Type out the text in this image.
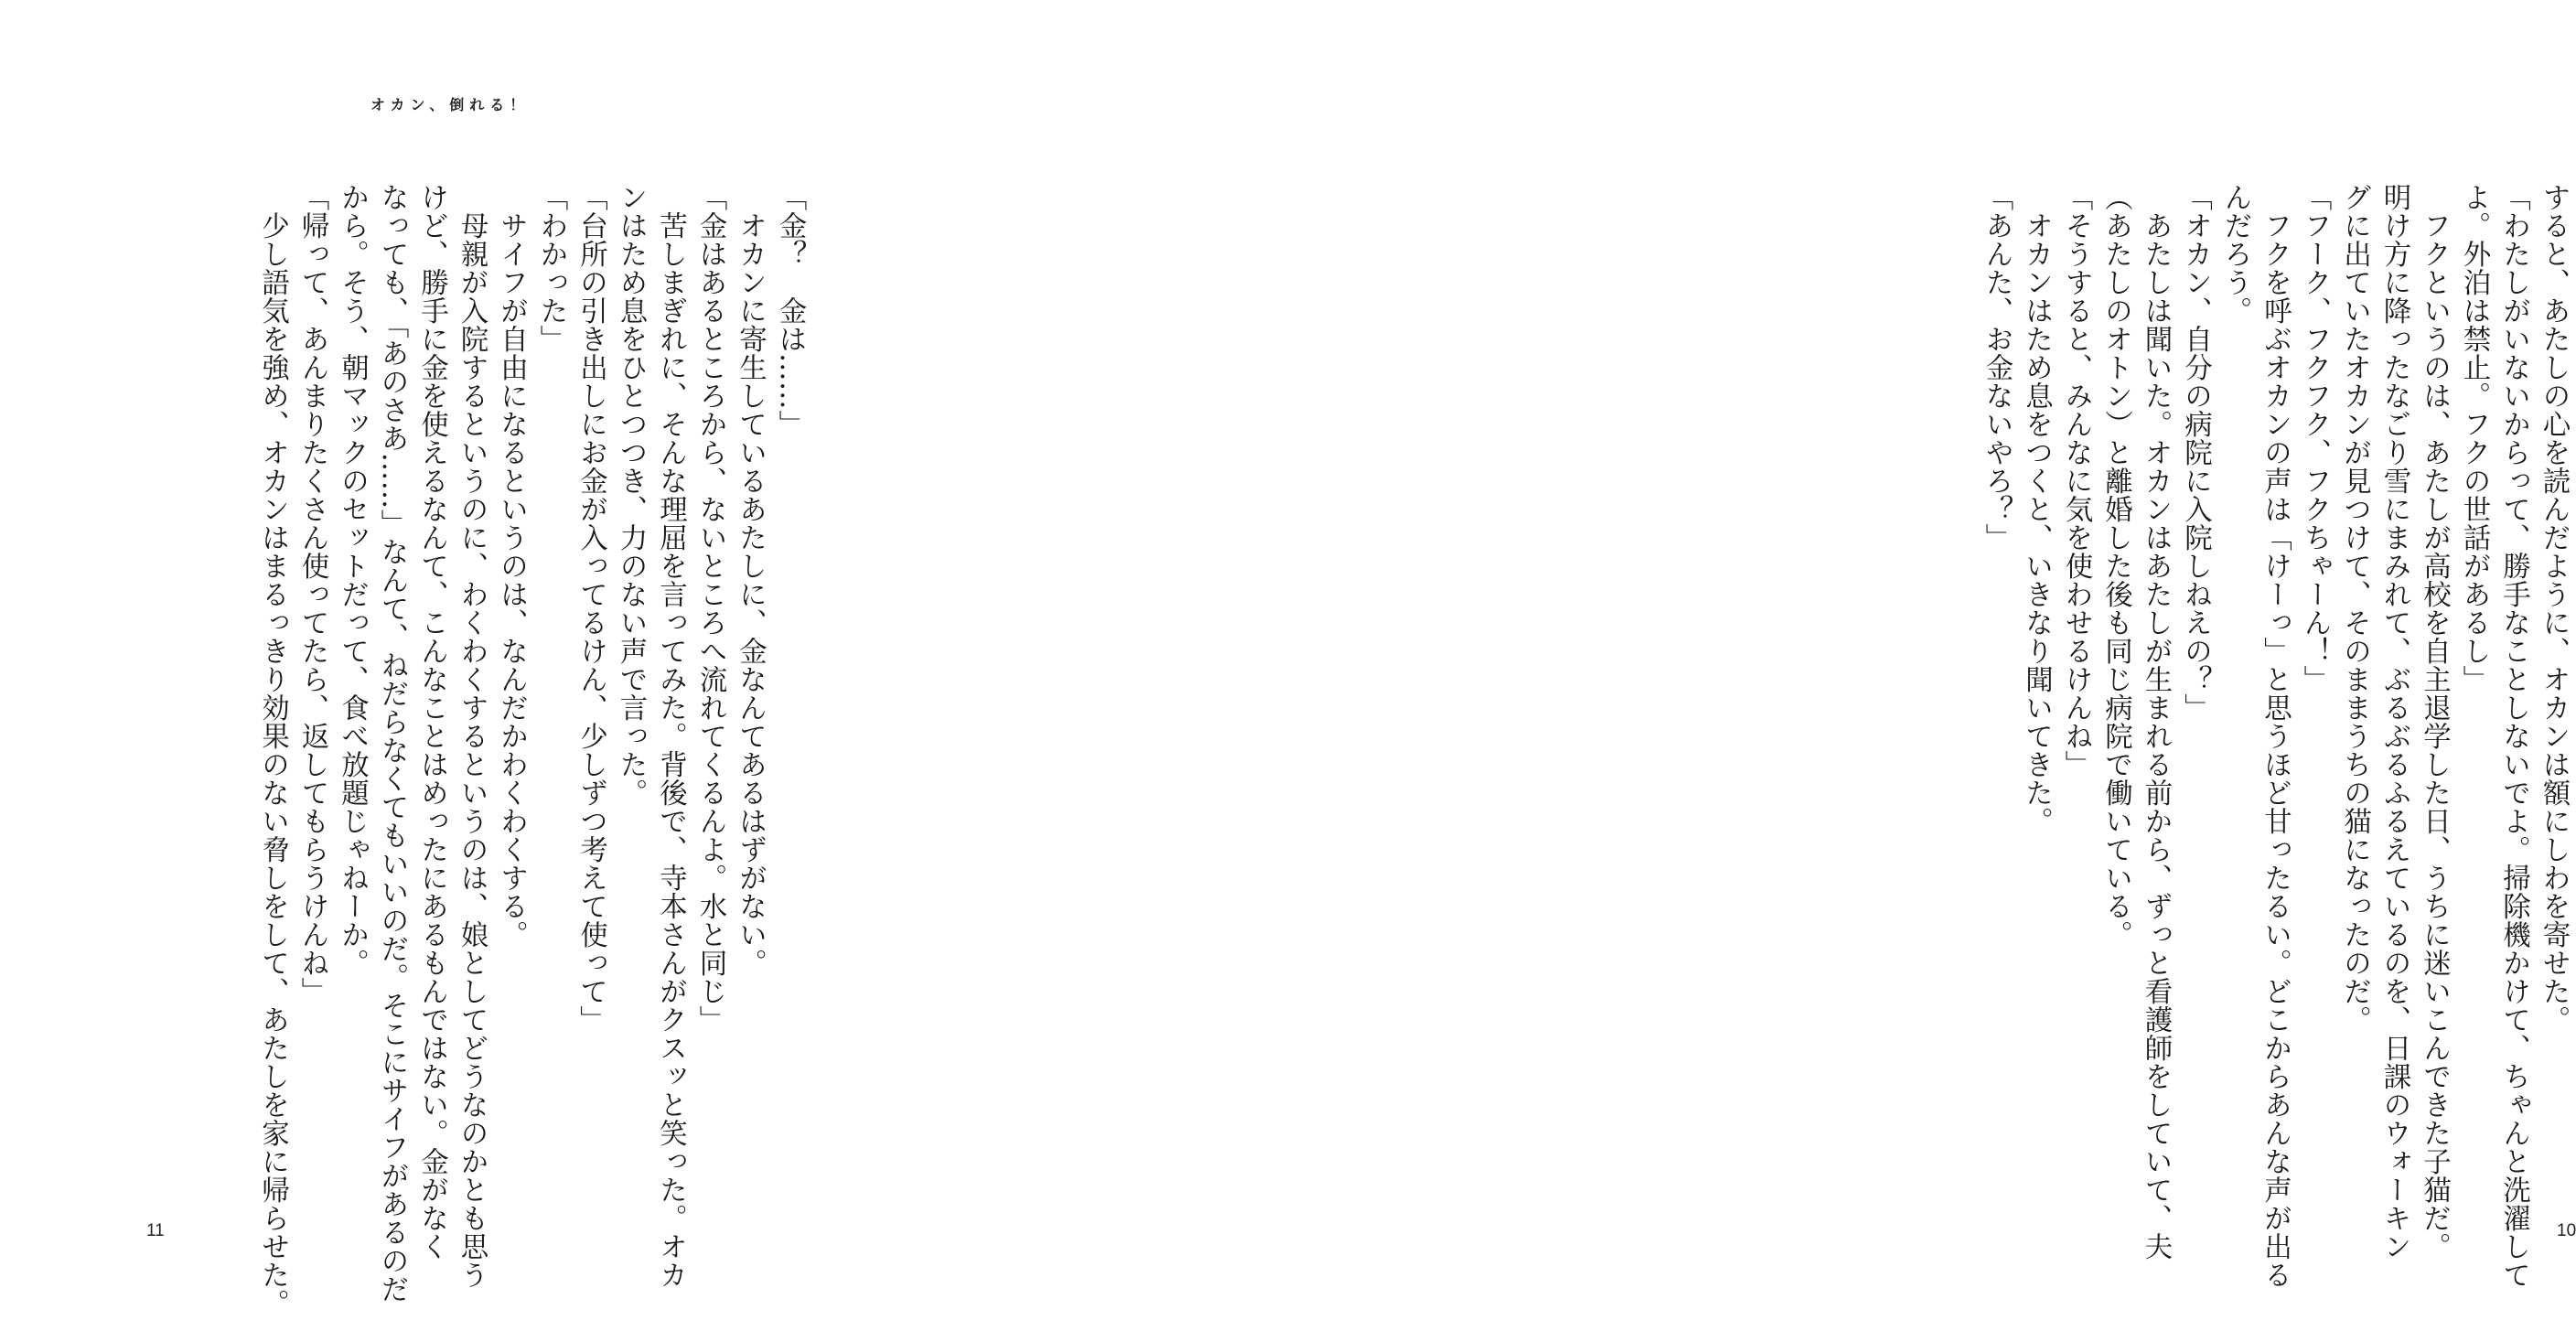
オカン、倒れる！
「金？　金は……」
　オカンに寄生しているあたしに、金なんてあるはずがない。
「金はあるところから、ないところへ流れてくるんよ。水と同じ」
　苦しまぎれに、そんな理屈を言ってみた。背後で、寺本さんがクスッと笑った。オカ
ンはため息をひとつつき、力のない声で言った。
「台所の引き出しにお金が入ってるけん、少しずつ考えて使って」
「わかった」
　サイフが自由になるというのは、なんだかわくわくする。
　母親が入院するというのに、わくわくするというのは、娘としてどうなのかとも思う
けど、勝手に金を使えるなんて、こんなことはめったにあるもんではない。金がなく
なっても、「あのさあ……」なんて、ねだらなくてもいいのだ。そこにサイフがあるのだ
から。そう、朝マックのセットだって、食べ放題じゃねーか。
「帰って、あんまりたくさん使ってたら、返してもらうけんね」
　少し語気を強め、オカンはまるっきり効果のない脅しをして、あたしを家に帰らせた。
11
すると、あたしの心を読んだように、オカンは額にしわを寄せた。
「わたしがいないからって、勝手なことしないでよ。掃除機かけて、ちゃんと洗濯して
よ。外泊は禁止。フクの世話があるし」
　フクというのは、あたしが高校を自主退学した日、うちに迷いこんできた子猫だ。
明け方に降ったなごり雪にまみれて、ぶるぶるふるえているのを、日課のウォーキン
グに出ていたオカンが見つけて、そのままうちの猫になったのだ。
「フーク、フクフク、フクちゃーん！」
　フクを呼ぶオカンの声は「けーっ」と思うほど甘ったるい。どこからあんな声が出る
んだろう。
「オカン、自分の病院に入院しねえの？」
　あたしは聞いた。オカンはあたしが生まれる前から、ずっと看護師をしていて、夫
（あたしのオトン）と離婚した後も同じ病院で働いている。
「そうすると、みんなに気を使わせるけんね」
　オカンはため息をつくと、いきなり聞いてきた。
「あんた、お金ないやろ？」
10
